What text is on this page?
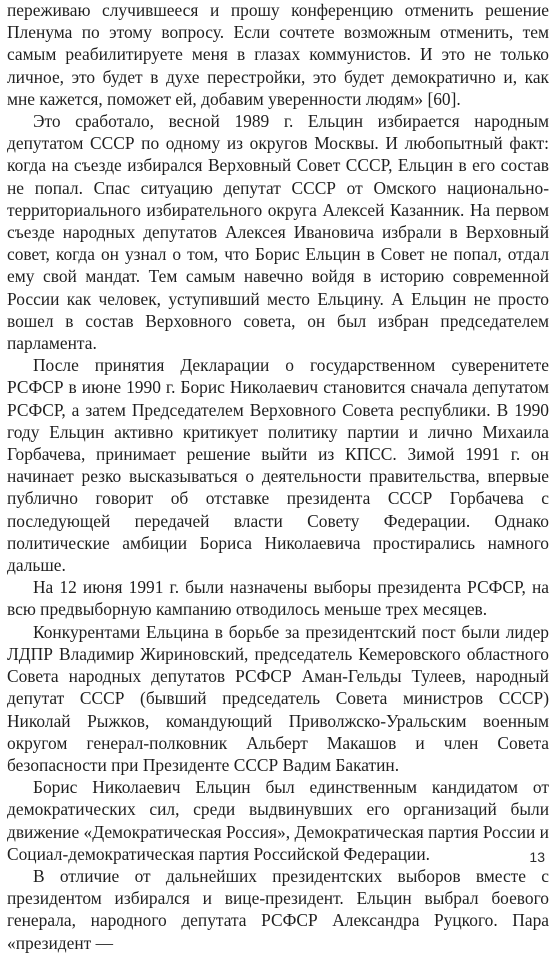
переживаю случившееся и прошу конференцию отменить решение Пленума по этому вопросу. Если сочтете возможным отменить, тем самым реабилитируете меня в глазах коммунистов. И это не только личное, это будет в духе перестройки, это будет демократично и, как мне кажется, поможет ей, добавим уверенности людям» [60].

Это сработало, весной 1989 г. Ельцин избирается народным депутатом СССР по одному из округов Москвы. И любопытный факт: когда на съезде избирался Верховный Совет СССР, Ельцин в его состав не попал. Спас ситуацию депутат СССР от Омского национально-территориального избирательного округа Алексей Казанник. На первом съезде народных депутатов Алексея Ивановича избрали в Верховный совет, когда он узнал о том, что Борис Ельцин в Совет не попал, отдал ему свой мандат. Тем самым навечно войдя в историю современной России как человек, уступивший место Ельцину. А Ельцин не просто вошел в состав Верховного совета, он был избран председателем парламента.

После принятия Декларации о государственном суверенитете РСФСР в июне 1990 г. Борис Николаевич становится сначала депутатом РСФСР, а затем Председателем Верховного Совета республики. В 1990 году Ельцин активно критикует политику партии и лично Михаила Горбачева, принимает решение выйти из КПСС. Зимой 1991 г. он начинает резко высказываться о деятельности правительства, впервые публично говорит об отставке президента СССР Горбачева с последующей передачей власти Совету Федерации. Однако политические амбиции Бориса Николаевича простирались намного дальше.

На 12 июня 1991 г. были назначены выборы президента РСФСР, на всю предвыборную кампанию отводилось меньше трех месяцев.

Конкурентами Ельцина в борьбе за президентский пост были лидер ЛДПР Владимир Жириновский, председатель Кемеровского областного Совета народных депутатов РСФСР Аман-Гельды Тулеев, народный депутат СССР (бывший председатель Совета министров СССР) Николай Рыжков, командующий Приволжско-Уральским военным округом генерал-полковник Альберт Макашов и член Совета безопасности при Президенте СССР Вадим Бакатин.

Борис Николаевич Ельцин был единственным кандидатом от демократических сил, среди выдвинувших его организаций были движение «Демократическая Россия», Демократическая партия России и Социал-демократическая партия Российской Федерации.

В отличие от дальнейших президентских выборов вместе с президентом избирался и вице-президент. Ельцин выбрал боевого генерала, народного депутата РСФСР Александра Руцкого. Пара «президент —

13
